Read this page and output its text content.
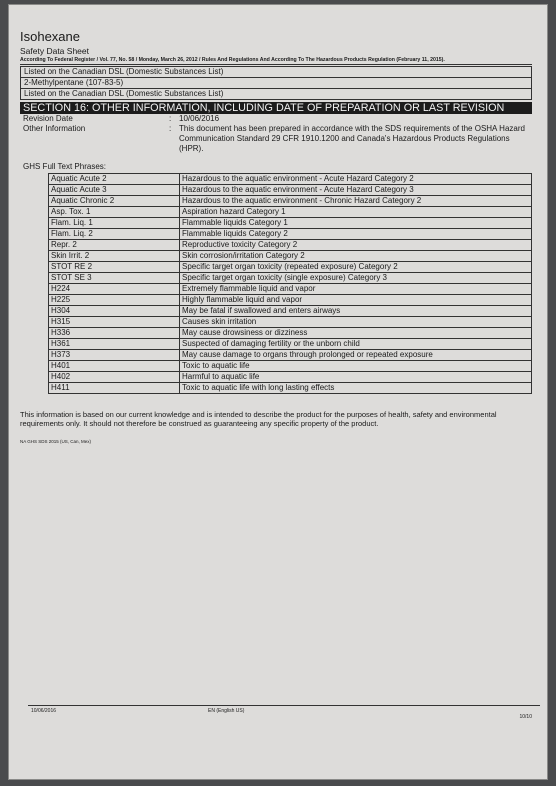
Isohexane
Safety Data Sheet
According To Federal Register / Vol. 77, No. 58 / Monday, March 26, 2012 / Rules And Regulations And According To The Hazardous Products Regulation (February 11, 2015).
Listed on the Canadian DSL (Domestic Substances List)
2-Methylpentane (107-83-5)
Listed on the Canadian DSL (Domestic Substances List)
SECTION 16: OTHER INFORMATION, INCLUDING DATE OF PREPARATION OR LAST REVISION
Revision Date	: 10/06/2016
Other Information	: This document has been prepared in accordance with the SDS requirements of the OSHA Hazard Communication Standard 29 CFR 1910.1200 and Canada's Hazardous Products Regulations (HPR).
GHS Full Text Phrases:
Aquatic Acute 2	Hazardous to the aquatic environment - Acute Hazard Category 2
Aquatic Acute 3	Hazardous to the aquatic environment - Acute Hazard Category 3
Aquatic Chronic 2	Hazardous to the aquatic environment - Chronic Hazard Category 2
Asp. Tox. 1	Aspiration hazard Category 1
Flam. Liq. 1	Flammable liquids Category 1
Flam. Liq. 2	Flammable liquids Category 2
Repr. 2	Reproductive toxicity Category 2
Skin Irrit. 2	Skin corrosion/irritation Category 2
STOT RE 2	Specific target organ toxicity (repeated exposure) Category 2
STOT SE 3	Specific target organ toxicity (single exposure) Category 3
H224	Extremely flammable liquid and vapor
H225	Highly flammable liquid and vapor
H304	May be fatal if swallowed and enters airways
H315	Causes skin irritation
H336	May cause drowsiness or dizziness
H361	Suspected of damaging fertility or the unborn child
H373	May cause damage to organs through prolonged or repeated exposure
H401	Toxic to aquatic life
H402	Harmful to aquatic life
H411	Toxic to aquatic life with long lasting effects
This information is based on our current knowledge and is intended to describe the product for the purposes of health, safety and environmental requirements only. It should not therefore be construed as guaranteeing any specific property of the product.
NA GHS SDS 2015 (US, Can, Mex)
10/06/2016	EN (English US)
10/10
